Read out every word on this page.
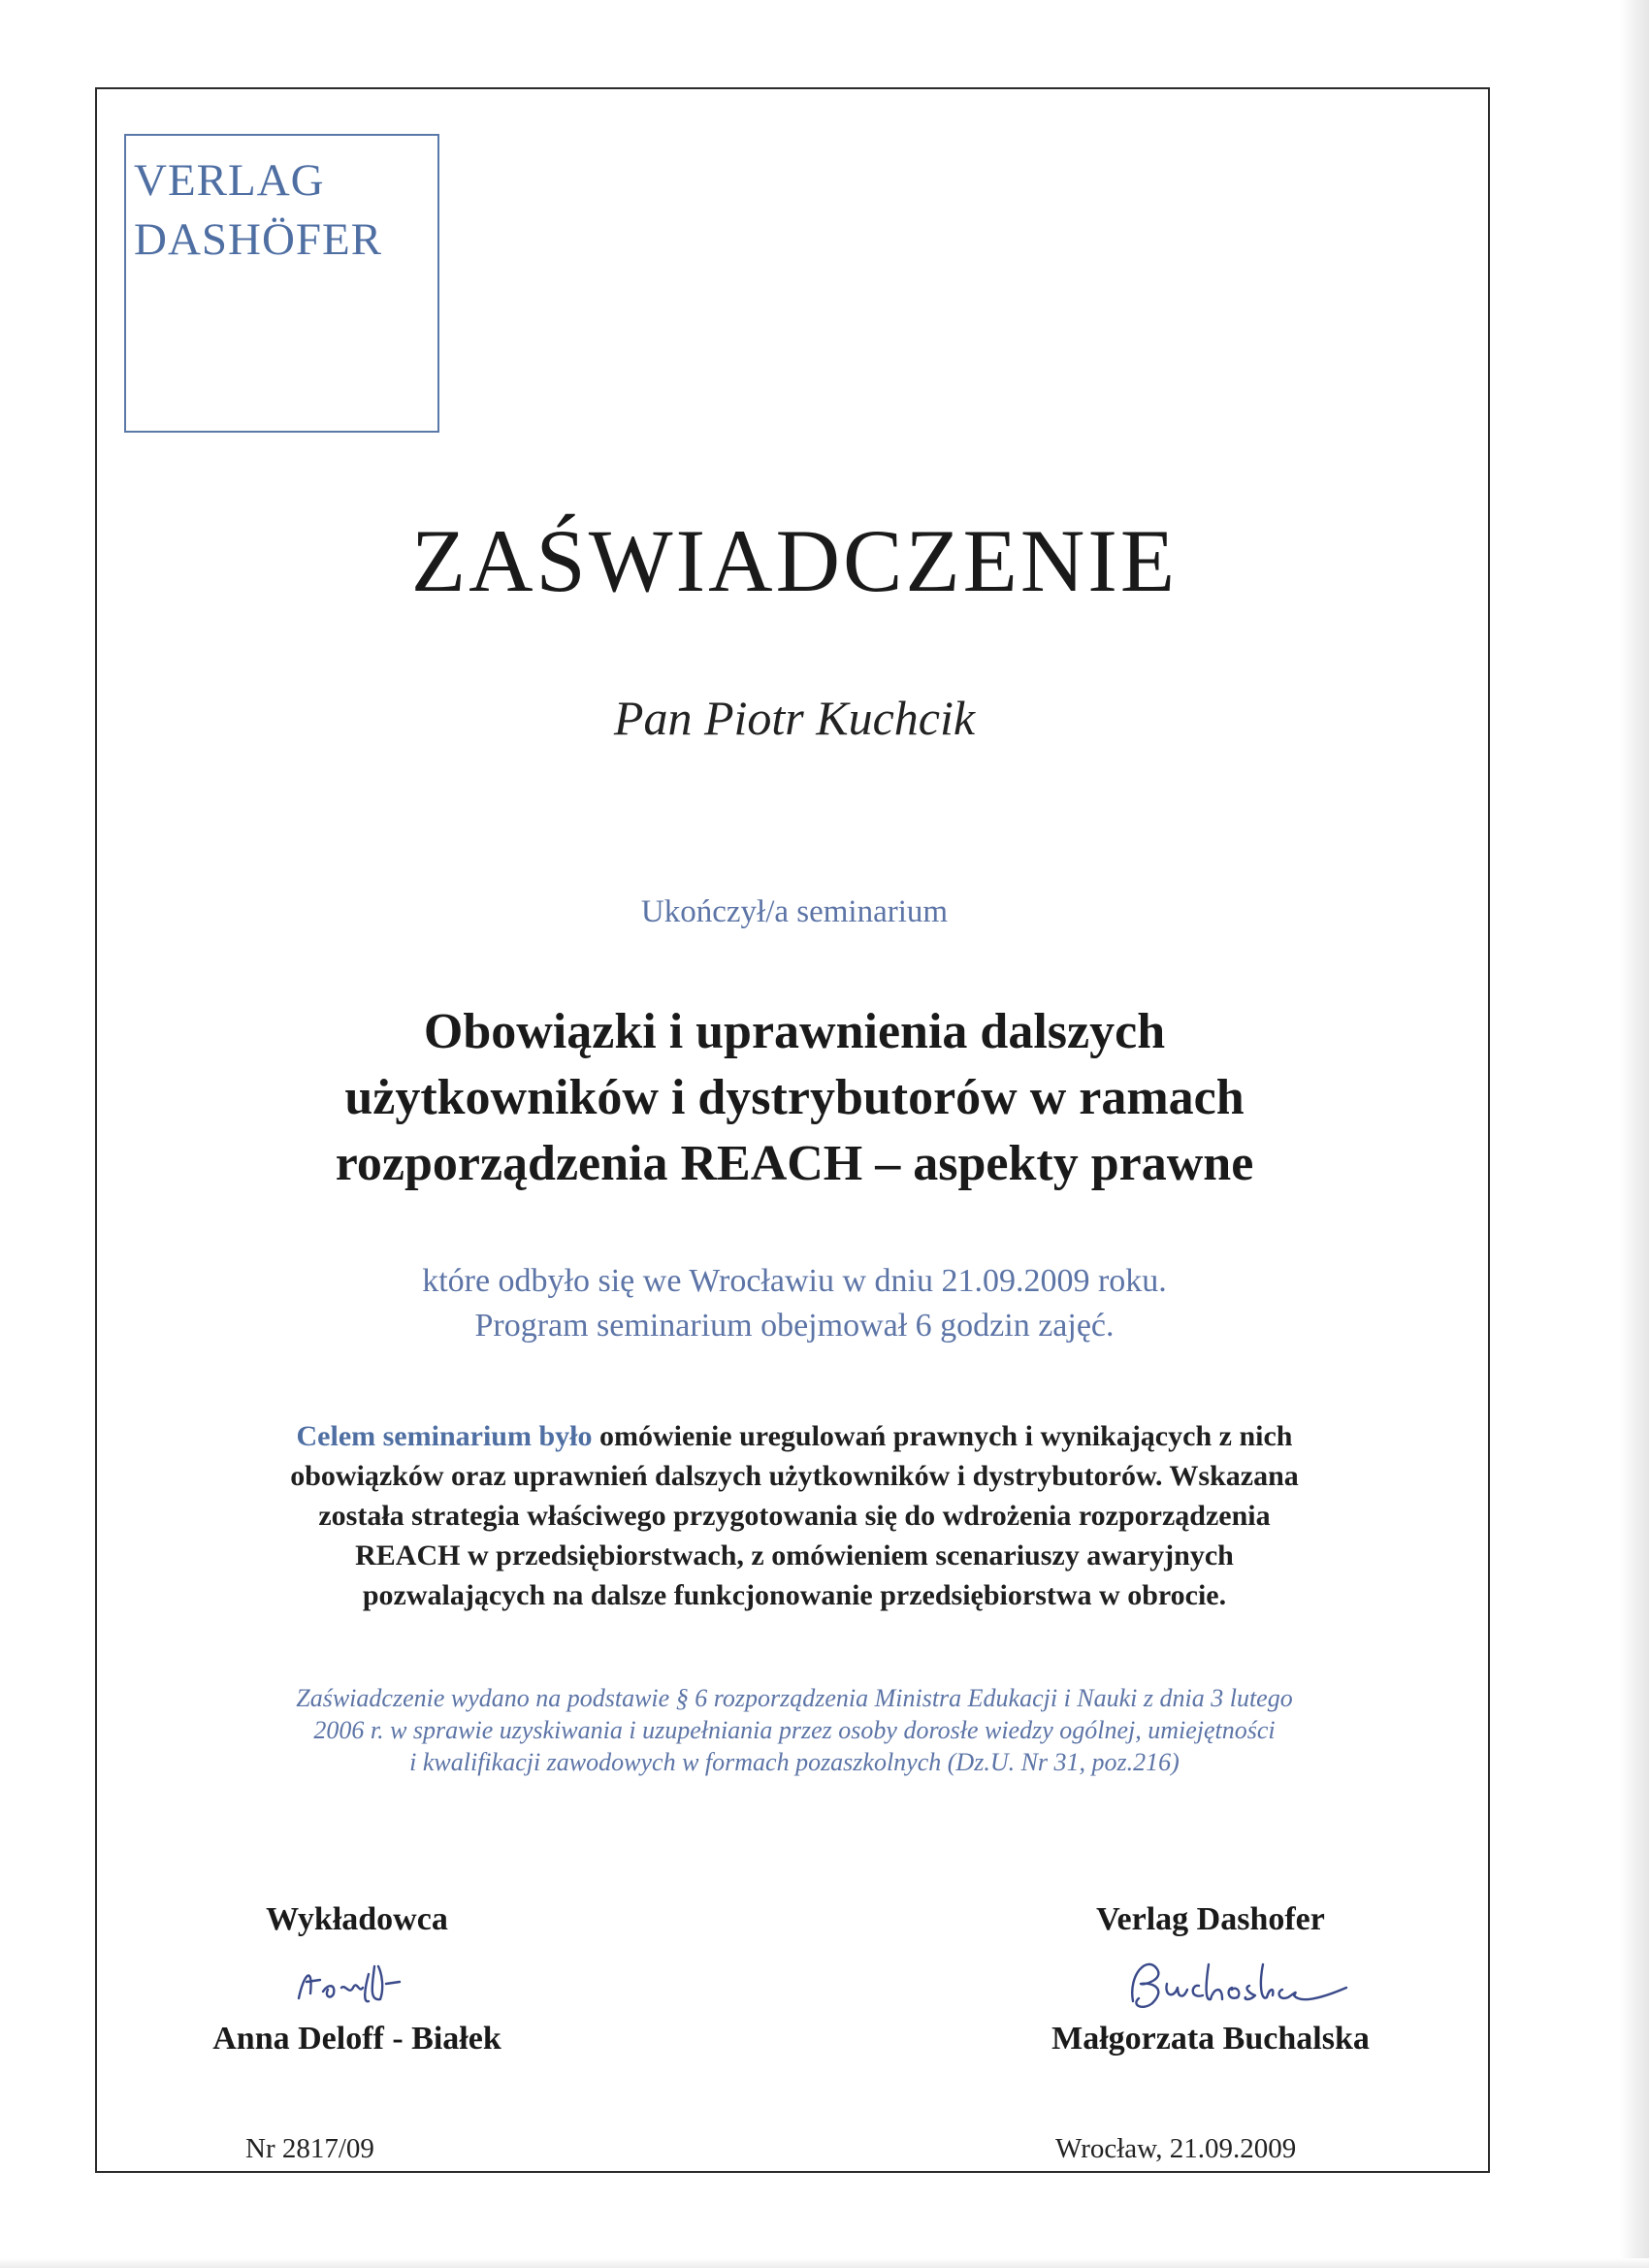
VERLAG
DASHÖFER
ZAŚWIADCZENIE
Pan Piotr Kuchcik
Ukończył/a seminarium
Obowiązki i uprawnienia dalszych
użytkowników i dystrybutorów w ramach
rozporządzenia REACH – aspekty prawne
które odbyło się we Wrocławiu w dniu 21.09.2009 roku.
Program seminarium obejmował 6 godzin zajęć.
Celem seminarium było omówienie uregulowań prawnych i wynikających z nich
obowiązków oraz uprawnień dalszych użytkowników i dystrybutorów. Wskazana
została strategia właściwego przygotowania się do wdrożenia rozporządzenia
REACH w przedsiębiorstwach, z omówieniem scenariuszy awaryjnych
pozwalających na dalsze funkcjonowanie przedsiębiorstwa w obrocie.
Zaświadczenie wydano na podstawie § 6 rozporządzenia Ministra Edukacji i Nauki z dnia 3 lutego
2006 r. w sprawie uzyskiwania i uzupełniania przez osoby dorosłe wiedzy ogólnej, umiejętności
i kwalifikacji zawodowych w formach pozaszkolnych (Dz.U. Nr 31, poz.216)
Wykładowca
Anna Deloff - Białek
Verlag Dashofer
Małgorzata Buchalska
Nr 2817/09	Wrocław, 21.09.2009
